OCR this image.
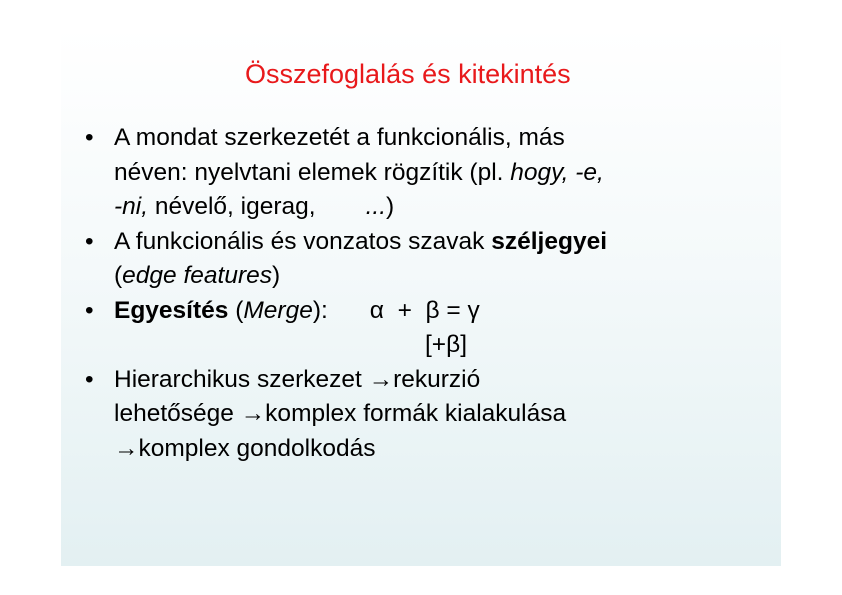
Összefoglalás és kitekintés
• A mondat szerkezetét a funkcionális, más
néven: nyelvtani elemek rögzítik (pl. hogy, -e,
-ni, névelő, igerag, ...)
• A funkcionális és vonzatos szavak széljegyei
(edge features)
• Egyesítés (Merge): α  +  β = γ
[+β]
• Hierarchikus szerkezet →rekurzió
lehetősége →komplex formák kialakulása
→komplex gondolkodás
